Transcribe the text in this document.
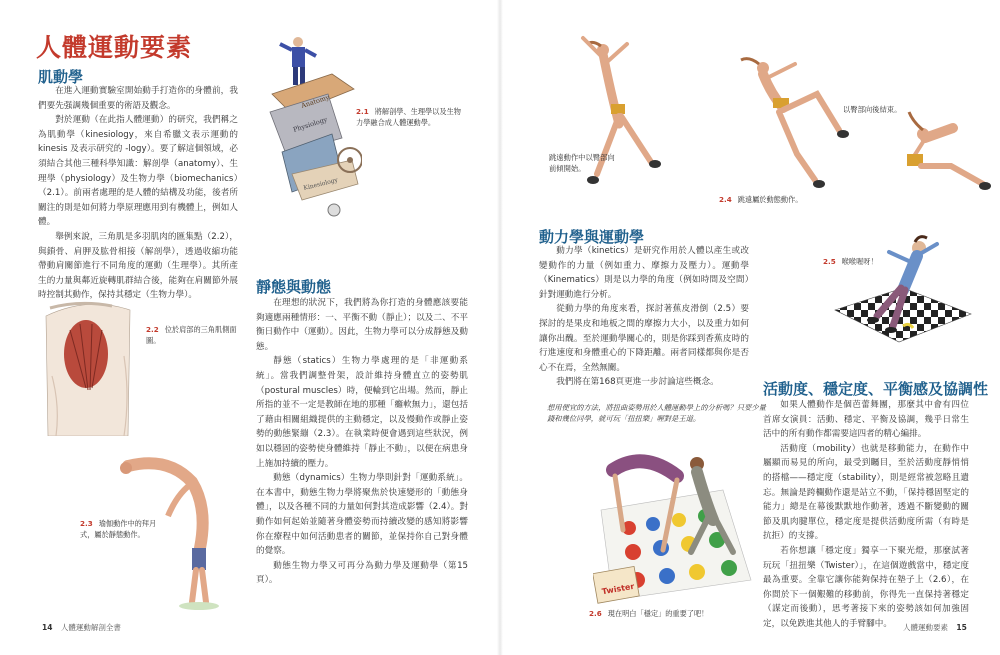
人體運動要素
肌動學

在進入運動實驗室開始動手打造你的身體前，我們要先强調幾個重要的術語及觀念。

對於運動（在此指人體運動）的研究，我們稱之為肌動學（kinesiology，來自希臘文表示運動的 kinesis 及表示研究的 -logy）。要了解這個領域，必須結合其他三種科學知識：解剖學（anatomy）、生理學（physiology）及生物力學（biomechanics）（2.1）。前兩者處理的是人體的結構及功能，後者所關注的則是如何將力學原理應用到有機體上，例如人體。

舉例來說，三角肌是多羽肌肉的匯集點（2.2），與鎖骨、肩胛及肱骨相接（解剖學），透過收縮功能帶動肩關節進行不同角度的運動（生理學）。其所產生的力量與鄰近旋轉肌群結合後，能夠在肩關節外展時控制其動作，保持其穩定（生物力學）。

Anatomy
Physiology
Kinesiology
2.1 將解剖學、生理學以及生物力學融合成人體運動學。
2.2 位於肩部的三角肌側面圖。
2.3 瑜伽動作中的拜月式，屬於靜態動作。
靜態與動態

在理想的狀況下，我們將為你打造的身體應該要能夠適應兩種情形：一、平衡不動（靜止）；以及二、不平衡日動作中（運動）。因此，生物力學可以分成靜態及動態。

靜態（statics）生物力學處理的是「非運動系統」。當我們調整骨架，設計維持身體直立的姿勢肌（postural muscles）時，便輪到它出場。然而，靜止所指的並不一定是教師在地的那種「癱軟無力」，還包括了藉由相關組織提供的主動穩定，以及慢動作或靜止姿勢的動態緊繃（2.3）。在執業時便會遇到這些狀況，例如以穩固的姿勢使身體維持「靜止不動」，以便在病患身上施加持續的壓力。

動態（dynamics）生物力學則針對「運動系統」。在本書中，動態生物力學將聚焦於快速變形的「動態身體」，以及各種不同的力量如何對其造成影響（2.4）。對動作如何起始並隨著身體姿勢而持續改變的感知將影響你在療程中如何活動患者的關節，並保持你自己對身體的覺察。

動態生物力學又可再分為動力學及運動學（第15頁）。

14 人體運動解剖全書
跳遠動作中以臀部向前傾開始。
以臀部向後結束。
2.4 跳遠屬於動態動作。
動力學與運動學

動力學（kinetics）是研究作用於人體以產生或改變動作的力量（例如重力、摩擦力及壓力）。運動學（Kinematics）則是以力學的角度（例如時間及空間）針對運動進行分析。

從動力學的角度來看，探討著蕉皮滑倒（2.5）要探討的是果皮和地板之間的摩擦力大小，以及重力如何讓你出醜。至於運動學關心的，則是你踩到香蕉皮時的行進速度和身體重心的下降距離。兩者同樣都與你是否心不在焉，全然無關。

我們將在第168頁更進一步討論這些概念。

2.5 喉喉喔呀！
想用便宜的方法，將扭曲姿勢用於人體運動學上的分析嗎？只要少量錢和幾位同學，就可玩「扭扭樂」喔對是王道。
Twister
2.6 現在明白「穩定」的重要了吧！
活動度、穩定度、平衡感及協調性

如果人體動作是個芭蕾舞團，那麼其中會有四位首席女演員：活動、穩定、平衡及協調，幾乎日常生活中的所有動作都需要這四者的精心編排。

活動度（mobility）也就是移動能力，在動作中屬顯而易見的所向，最受到矚目，至於活動度靜悄悄的搭檔——穩定度（stability），則是經常被忽略且遺忘。無論是跨欄動作還是站立不動，「保持穩固堅定的能力」總是在幕後默默地作動著，透過不斷變動的關節及肌肉腱單位，穩定度是提供活動度所需（有時是抗拒）的支撐。

若你想讓「穩定度」獨享一下聚光燈，那麼試著玩玩「扭扭樂（Twister）」，在這個遊戲當中，穩定度最為重要。全靠它讓你能夠保持在墊子上（2.6），在你間於下一個艱難的移動前，你得先一直保持著穩定（謀定而後動），思考著接下來的姿勢該如何加強固定，以免跌進其他人的手臂腳中。	人體運動要素 15
